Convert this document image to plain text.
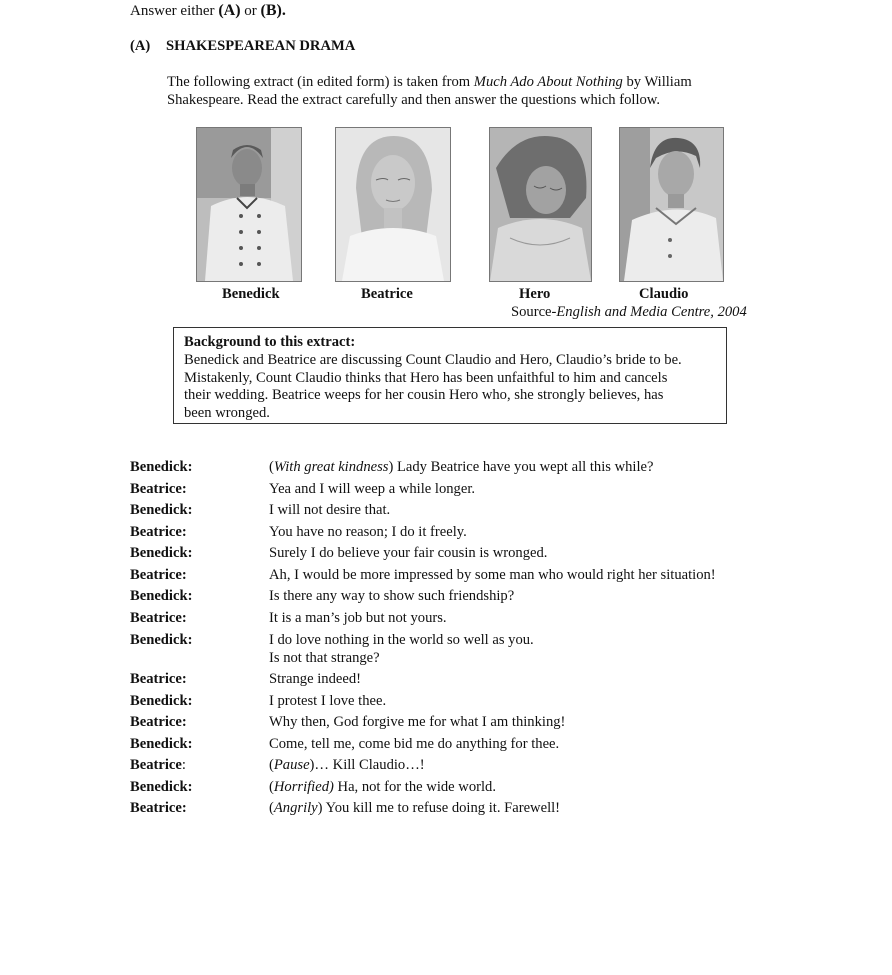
Answer either (A) or (B).
(A) SHAKESPEAREAN DRAMA
The following extract (in edited form) is taken from Much Ado About Nothing by William
Shakespeare. Read the extract carefully and then answer the questions which follow.
Benedick	Beatrice	Hero	Claudio
Source-English and Media Centre, 2004
Background to this extract:
Benedick and Beatrice are discussing Count Claudio and Hero, Claudio’s bride to be.
Mistakenly, Count Claudio thinks that Hero has been unfaithful to him and cancels
their wedding. Beatrice weeps for her cousin Hero who, she strongly believes, has
been wronged.
Benedick:	(With great kindness) Lady Beatrice have you wept all this while?
Beatrice:	Yea and I will weep a while longer.
Benedick:	I will not desire that.
Beatrice:	You have no reason; I do it freely.
Benedick:	Surely I do believe your fair cousin is wronged.
Beatrice:	Ah, I would be more impressed by some man who would right her situation!
Benedick:	Is there any way to show such friendship?
Beatrice:	It is a man’s job but not yours.
Benedick:	I do love nothing in the world so well as you.
Is not that strange?
Beatrice:	Strange indeed!
Benedick:	I protest I love thee.
Beatrice:	Why then, God forgive me for what I am thinking!
Benedick:	Come, tell me, come bid me do anything for thee.
Beatrice:	(Pause)… Kill Claudio…!
Benedick:	(Horrified) Ha, not for the wide world.
Beatrice:	(Angrily) You kill me to refuse doing it. Farewell!
